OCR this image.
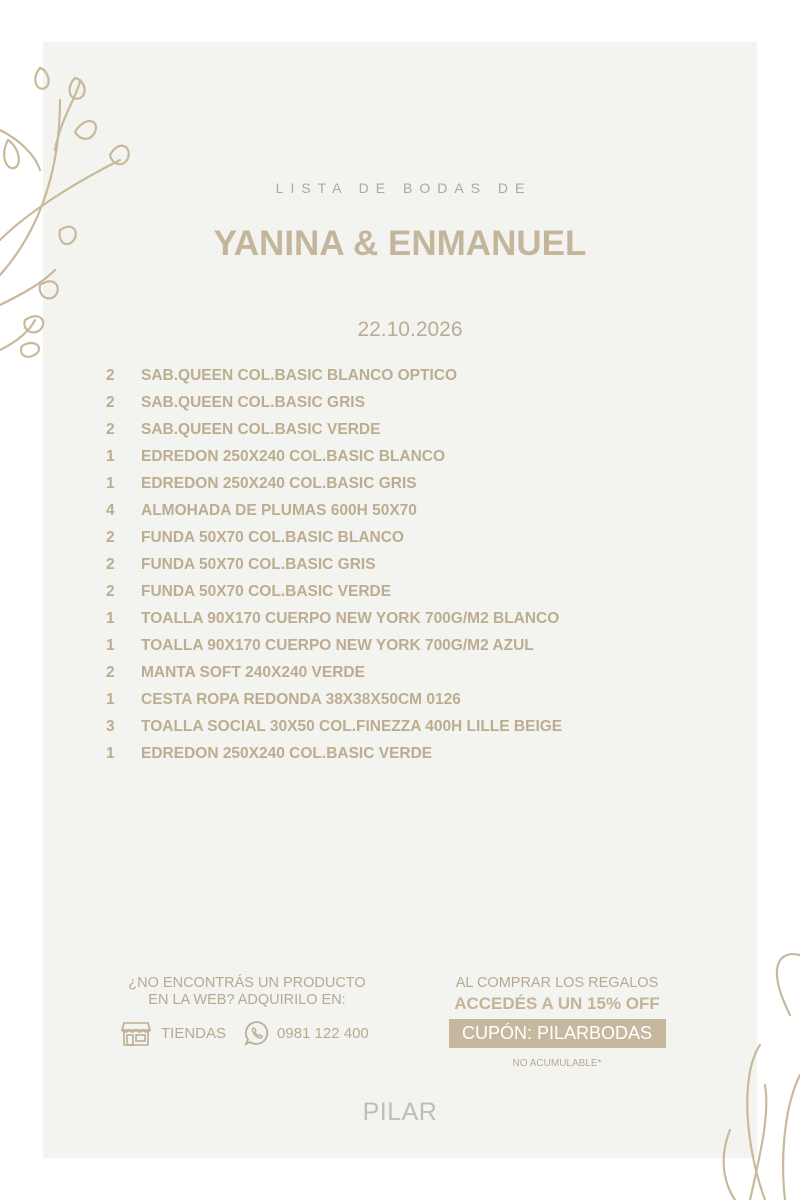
LISTA DE BODAS DE
YANINA & ENMANUEL
22.10.2026
2	SAB.QUEEN COL.BASIC BLANCO OPTICO
2	SAB.QUEEN COL.BASIC GRIS
2	SAB.QUEEN COL.BASIC VERDE
1	EDREDON 250X240 COL.BASIC BLANCO
1	EDREDON 250X240 COL.BASIC GRIS
4	ALMOHADA DE PLUMAS 600H 50X70
2	FUNDA 50X70 COL.BASIC BLANCO
2	FUNDA 50X70 COL.BASIC GRIS
2	FUNDA 50X70 COL.BASIC VERDE
1	TOALLA 90X170 CUERPO NEW YORK 700G/M2 BLANCO
1	TOALLA 90X170 CUERPO NEW YORK 700G/M2 AZUL
2	MANTA SOFT 240X240 VERDE
1	CESTA ROPA REDONDA 38X38X50CM 0126
3	TOALLA SOCIAL 30X50 COL.FINEZZA 400H LILLE BEIGE
1	EDREDON 250X240 COL.BASIC VERDE
¿NO ENCONTRÁS UN PRODUCTO
EN LA WEB? ADQUIRILO EN:
TIENDAS	0981 122 400
AL COMPRAR LOS REGALOS
ACCEDÉS A UN 15% OFF
CUPÓN: PILARBODAS
NO ACUMULABLE*
PILAR
